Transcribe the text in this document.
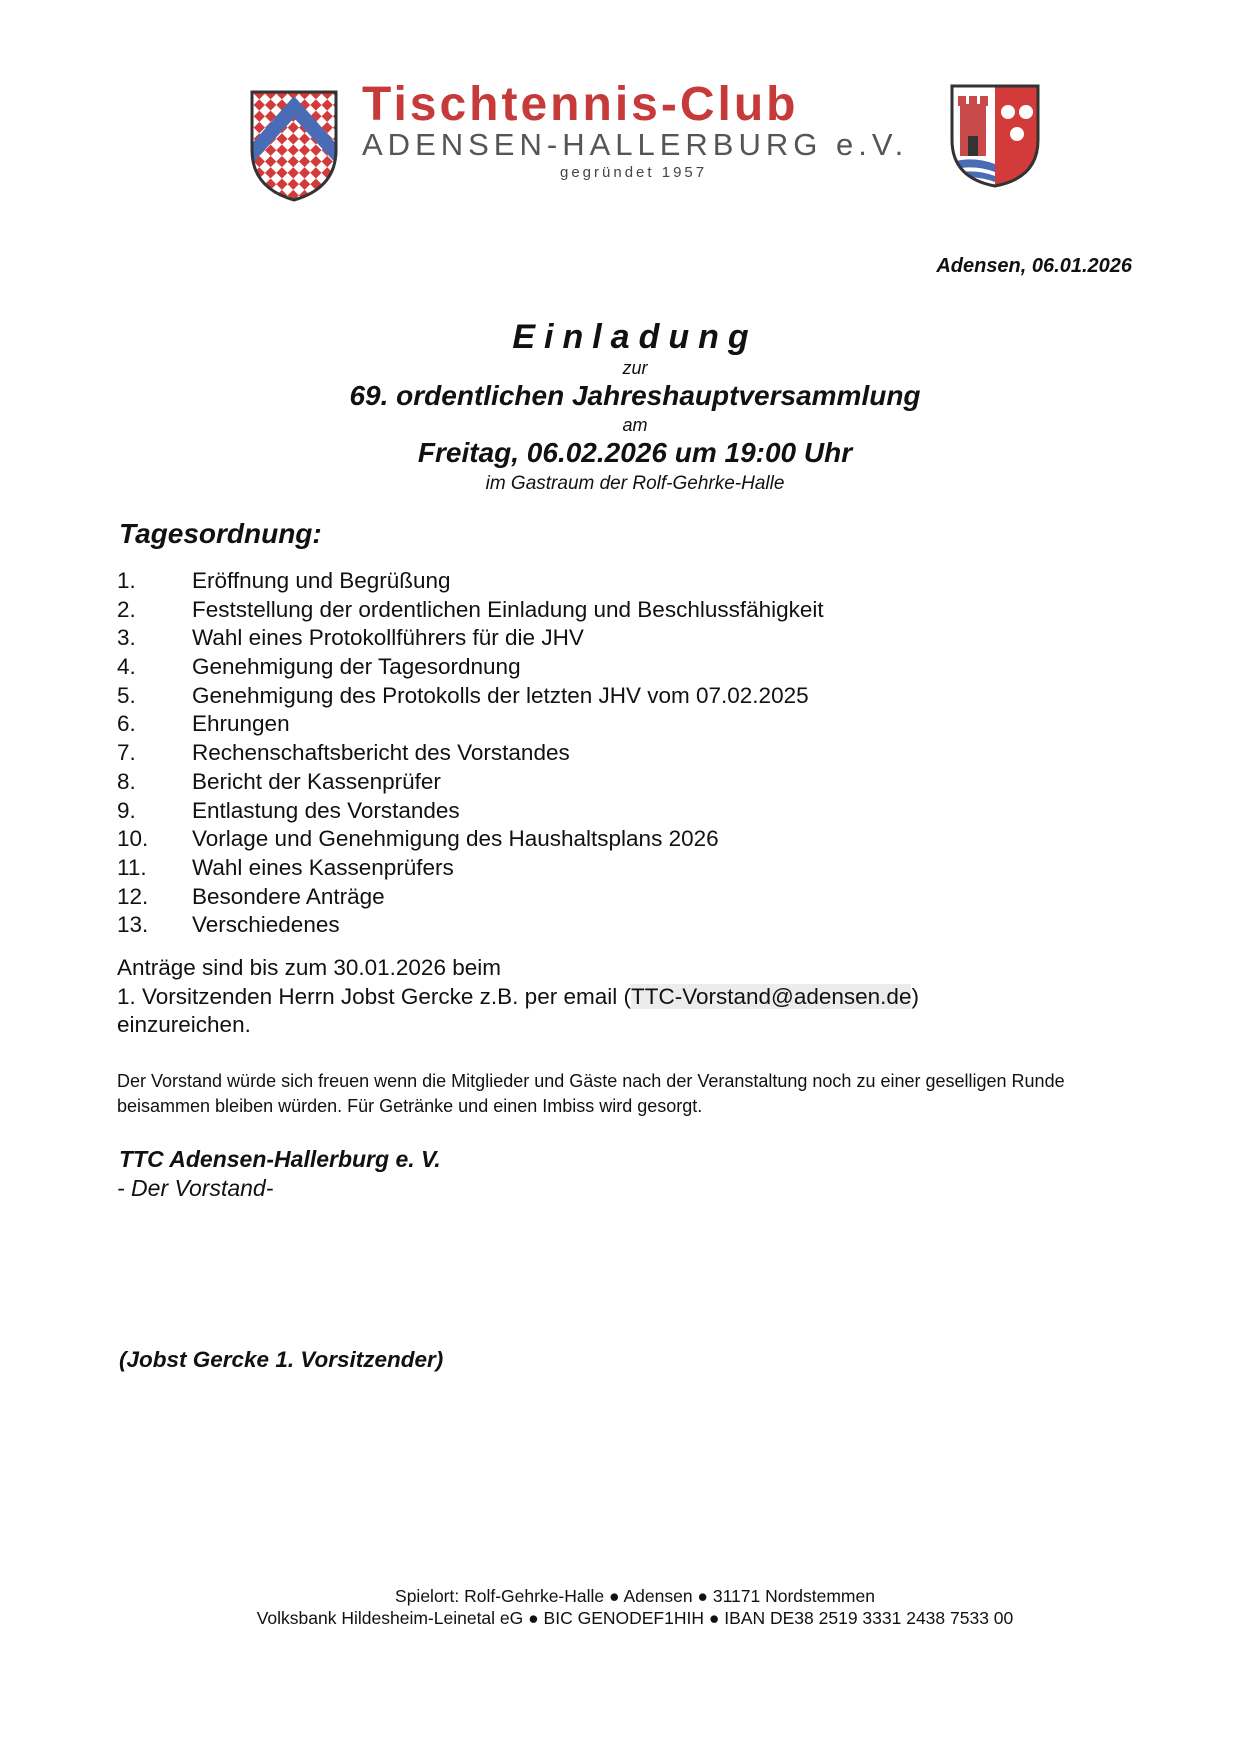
Tischtennis-Club
ADENSEN-HALLERBURG e.V.
gegründet 1957
Adensen, 06.01.2026
Einladung
zur
69. ordentlichen Jahreshauptversammlung
am
Freitag, 06.02.2026 um 19:00 Uhr
im Gastraum der Rolf-Gehrke-Halle
Tagesordnung:
1. Eröffnung und Begrüßung
2. Feststellung der ordentlichen Einladung und Beschlussfähigkeit
3. Wahl eines Protokollführers für die JHV
4. Genehmigung der Tagesordnung
5. Genehmigung des Protokolls der letzten JHV vom 07.02.2025
6. Ehrungen
7. Rechenschaftsbericht des Vorstandes
8. Bericht der Kassenprüfer
9. Entlastung des Vorstandes
10. Vorlage und Genehmigung des Haushaltsplans 2026
11. Wahl eines Kassenprüfers
12. Besondere Anträge
13. Verschiedenes
Anträge sind bis zum 30.01.2026 beim
1. Vorsitzenden Herrn Jobst Gercke z.B. per email (TTC-Vorstand@adensen.de)
einzureichen.
Der Vorstand würde sich freuen wenn die Mitglieder und Gäste nach der Veranstaltung noch zu einer geselligen Runde beisammen bleiben würden. Für Getränke und einen Imbiss wird gesorgt.
TTC Adensen-Hallerburg e. V.
- Der Vorstand-
(Jobst Gercke 1. Vorsitzender)
Spielort: Rolf-Gehrke-Halle ● Adensen ● 31171 Nordstemmen
Volksbank Hildesheim-Leinetal eG ● BIC GENODEF1HIH ● IBAN DE38 2519 3331 2438 7533 00
